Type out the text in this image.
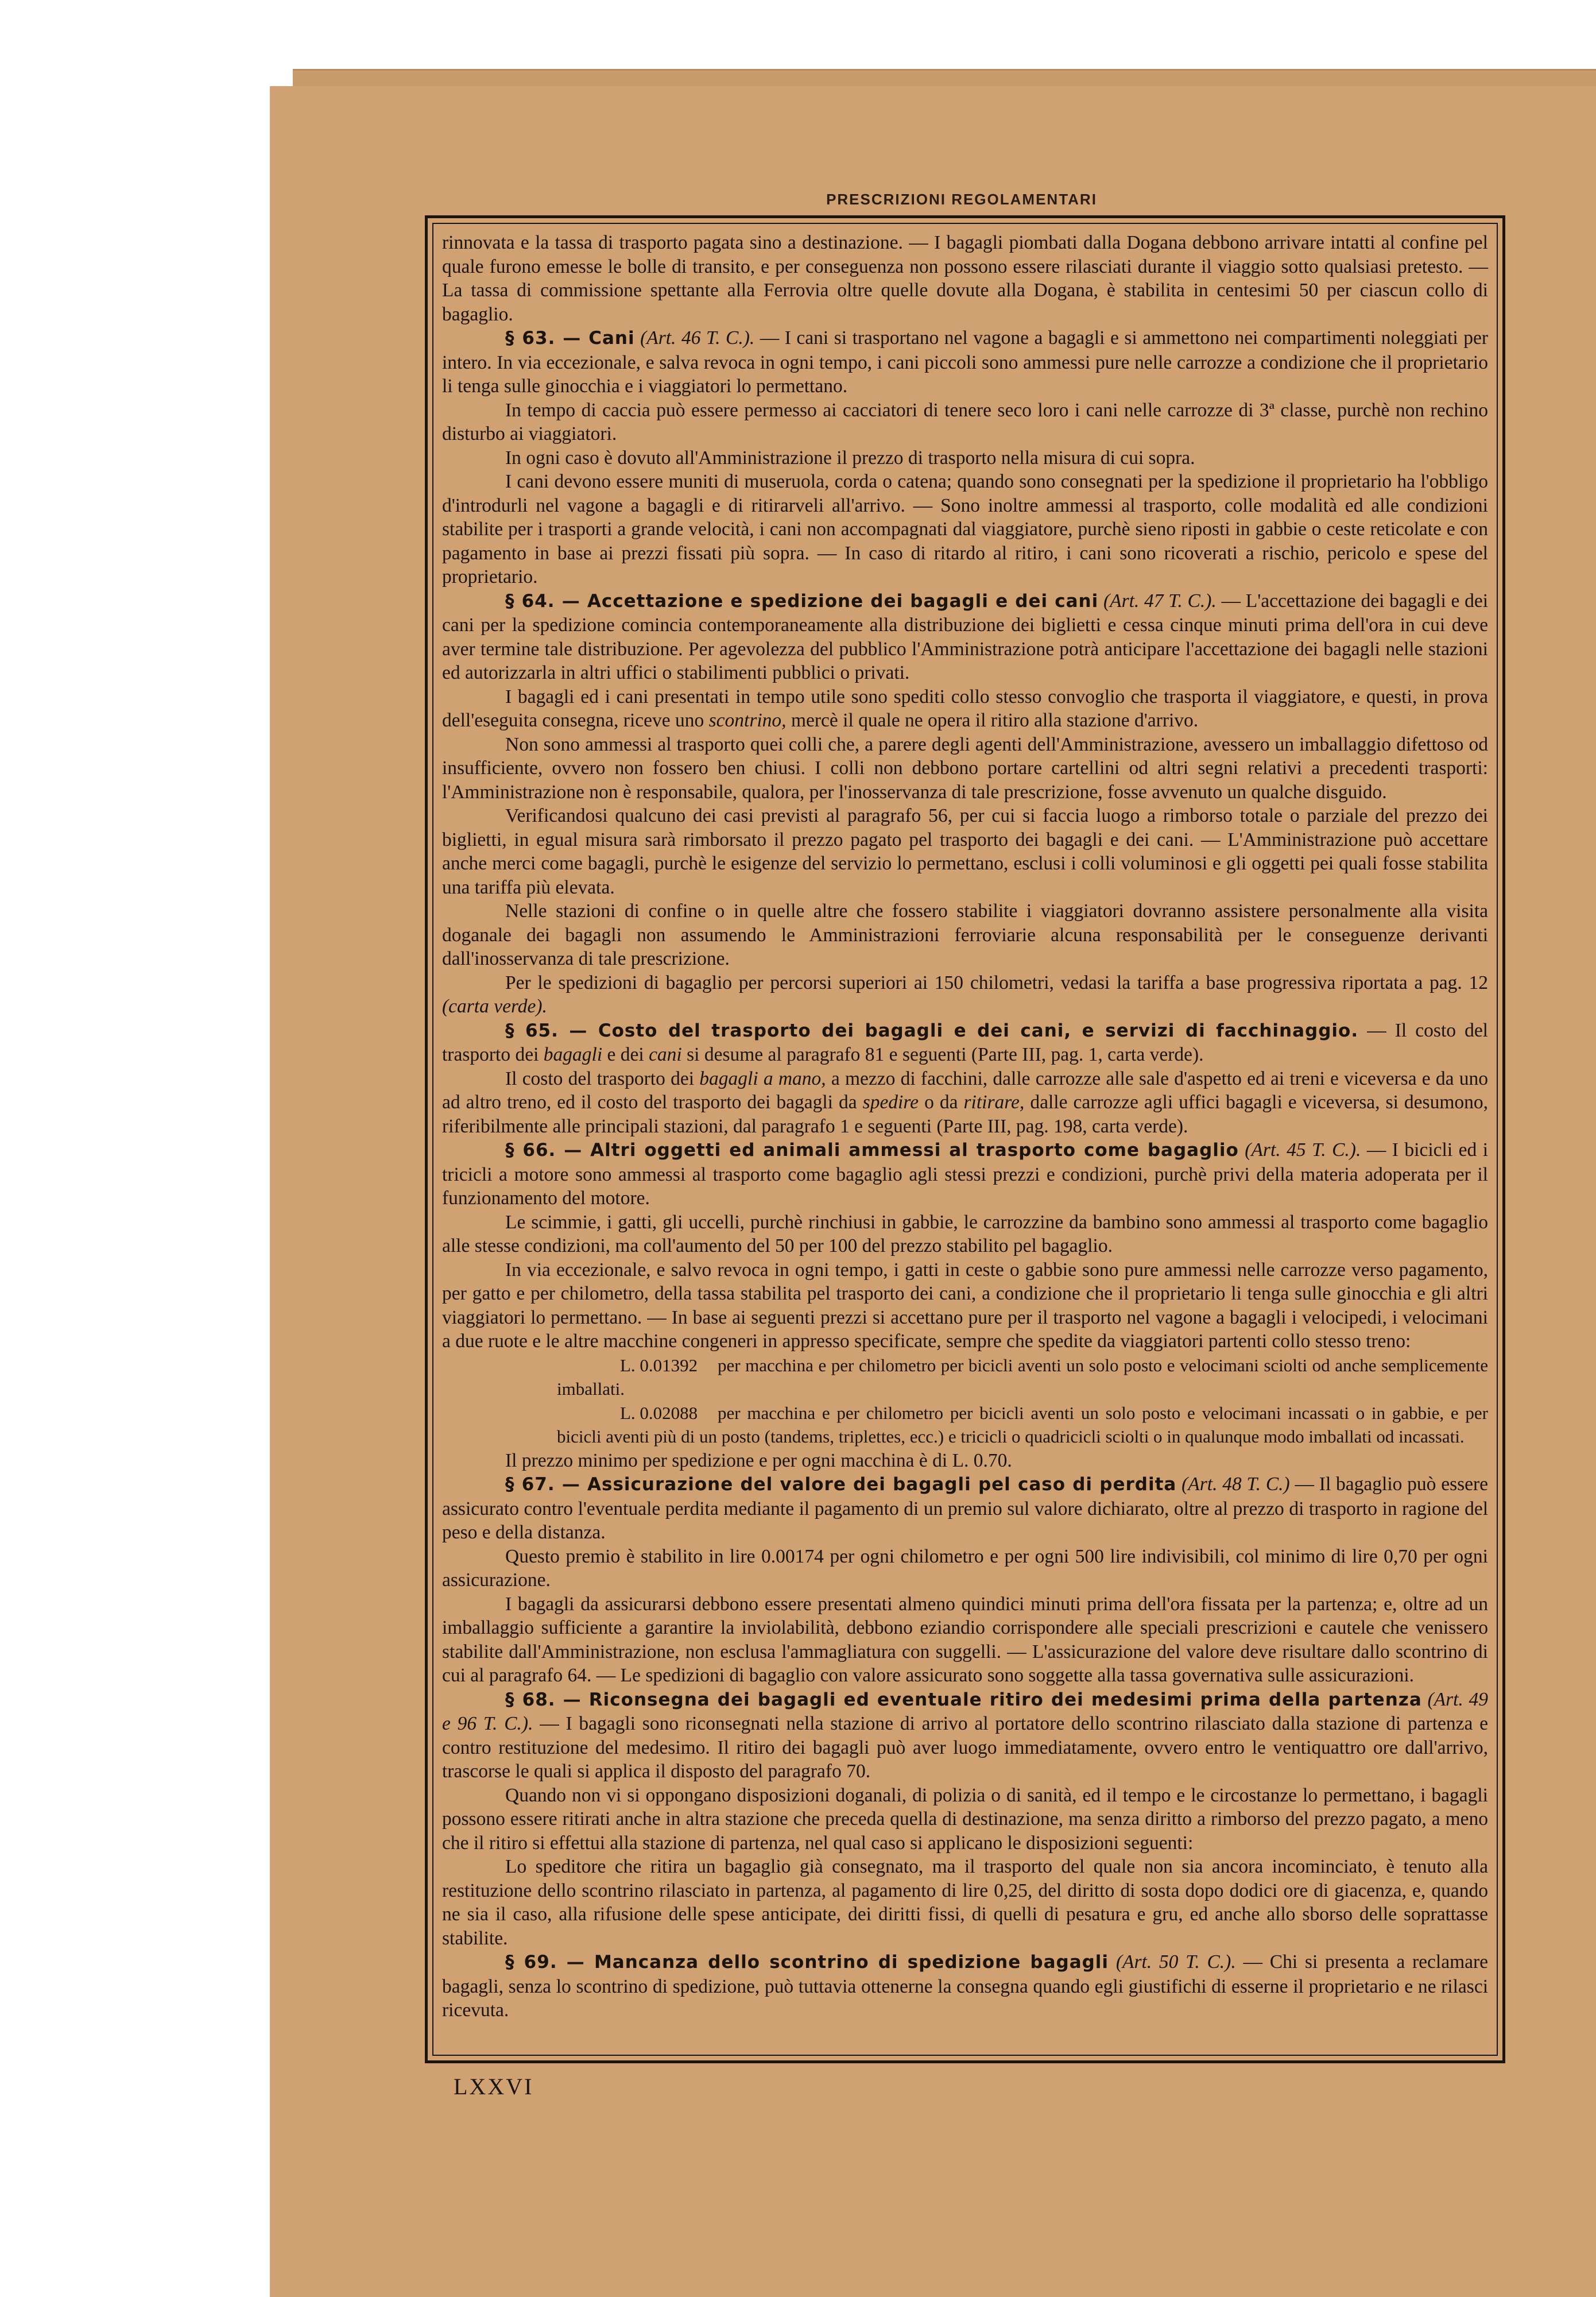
PRESCRIZIONI REGOLAMENTARI

rinnovata e la tassa di trasporto pagata sino a destinazione. — I bagagli piombati dalla Dogana debbono arrivare intatti al confine pel quale furono emesse le bolle di transito, e per conseguenza non possono essere rilasciati durante il viaggio sotto qualsiasi pretesto. — La tassa di commissione spettante alla Ferrovia oltre quelle dovute alla Dogana, è stabilita in centesimi 50 per ciascun collo di bagaglio.

§ 63. — Cani (Art. 46 T. C.). — I cani si trasportano nel vagone a bagagli e si ammettono nei compartimenti noleggiati per intero. In via eccezionale, e salva revoca in ogni tempo, i cani piccoli sono ammessi pure nelle carrozze a condizione che il proprietario li tenga sulle ginocchia e i viaggiatori lo permettano.

In tempo di caccia può essere permesso ai cacciatori di tenere seco loro i cani nelle carrozze di 3ª classe, purchè non rechino disturbo ai viaggiatori.

In ogni caso è dovuto all'Amministrazione il prezzo di trasporto nella misura di cui sopra.

I cani devono essere muniti di museruola, corda o catena; quando sono consegnati per la spedizione il proprietario ha l'obbligo d'introdurli nel vagone a bagagli e di ritirarveli all'arrivo. — Sono inoltre ammessi al trasporto, colle modalità ed alle condizioni stabilite per i trasporti a grande velocità, i cani non accompagnati dal viaggiatore, purchè sieno riposti in gabbie o ceste reticolate e con pagamento in base ai prezzi fissati più sopra. — In caso di ritardo al ritiro, i cani sono ricoverati a rischio, pericolo e spese del proprietario.

§ 64. — Accettazione e spedizione dei bagagli e dei cani (Art. 47 T. C.). — L'accettazione dei bagagli e dei cani per la spedizione comincia contemporaneamente alla distribuzione dei biglietti e cessa cinque minuti prima dell'ora in cui deve aver termine tale distribuzione. Per agevolezza del pubblico l'Amministrazione potrà anticipare l'accettazione dei bagagli nelle stazioni ed autorizzarla in altri uffici o stabilimenti pubblici o privati.

I bagagli ed i cani presentati in tempo utile sono spediti collo stesso convoglio che trasporta il viaggiatore, e questi, in prova dell'eseguita consegna, riceve uno scontrino, mercè il quale ne opera il ritiro alla stazione d'arrivo.

Non sono ammessi al trasporto quei colli che, a parere degli agenti dell'Amministrazione, avessero un imballaggio difettoso od insufficiente, ovvero non fossero ben chiusi. I colli non debbono portare cartellini od altri segni relativi a precedenti trasporti: l'Amministrazione non è responsabile, qualora, per l'inosservanza di tale prescrizione, fosse avvenuto un qualche disguido.

Verificandosi qualcuno dei casi previsti al paragrafo 56, per cui si faccia luogo a rimborso totale o parziale del prezzo dei biglietti, in egual misura sarà rimborsato il prezzo pagato pel trasporto dei bagagli e dei cani. — L'Amministrazione può accettare anche merci come bagagli, purchè le esigenze del servizio lo permettano, esclusi i colli voluminosi e gli oggetti pei quali fosse stabilita una tariffa più elevata.

Nelle stazioni di confine o in quelle altre che fossero stabilite i viaggiatori dovranno assistere personalmente alla visita doganale dei bagagli non assumendo le Amministrazioni ferroviarie alcuna responsabilità per le conseguenze derivanti dall'inosservanza di tale prescrizione.

Per le spedizioni di bagaglio per percorsi superiori ai 150 chilometri, vedasi la tariffa a base progressiva riportata a pag. 12 (carta verde).

§ 65. — Costo del trasporto dei bagagli e dei cani, e servizi di facchinaggio. — Il costo del trasporto dei bagagli e dei cani si desume al paragrafo 81 e seguenti (Parte III, pag. 1, carta verde).

Il costo del trasporto dei bagagli a mano, a mezzo di facchini, dalle carrozze alle sale d'aspetto ed ai treni e viceversa e da uno ad altro treno, ed il costo del trasporto dei bagagli da spedire o da ritirare, dalle carrozze agli uffici bagagli e viceversa, si desumono, riferibilmente alle principali stazioni, dal paragrafo 1 e seguenti (Parte III, pag. 198, carta verde).

§ 66. — Altri oggetti ed animali ammessi al trasporto come bagaglio (Art. 45 T. C.). — I bicicli ed i tricicli a motore sono ammessi al trasporto come bagaglio agli stessi prezzi e condizioni, purchè privi della materia adoperata per il funzionamento del motore.

Le scimmie, i gatti, gli uccelli, purchè rinchiusi in gabbie, le carrozzine da bambino sono ammessi al trasporto come bagaglio alle stesse condizioni, ma coll'aumento del 50 per 100 del prezzo stabilito pel bagaglio.

In via eccezionale, e salvo revoca in ogni tempo, i gatti in ceste o gabbie sono pure ammessi nelle carrozze verso pagamento, per gatto e per chilometro, della tassa stabilita pel trasporto dei cani, a condizione che il proprietario li tenga sulle ginocchia e gli altri viaggiatori lo permettano. — In base ai seguenti prezzi si accettano pure per il trasporto nel vagone a bagagli i velocipedi, i velocimani a due ruote e le altre macchine congeneri in appresso specificate, sempre che spedite da viaggiatori partenti collo stesso treno:

L. 0.01392 per macchina e per chilometro per bicicli aventi un solo posto e velocimani sciolti od anche semplicemente imballati.

L. 0.02088 per macchina e per chilometro per bicicli aventi un solo posto e velocimani incassati o in gabbie, e per bicicli aventi più di un posto (tandems, triplettes, ecc.) e tricicli o quadricicli sciolti o in qualunque modo imballati od incassati.

Il prezzo minimo per spedizione e per ogni macchina è di L. 0.70.

§ 67. — Assicurazione del valore dei bagagli pel caso di perdita (Art. 48 T. C.) — Il bagaglio può essere assicurato contro l'eventuale perdita mediante il pagamento di un premio sul valore dichiarato, oltre al prezzo di trasporto in ragione del peso e della distanza.

Questo premio è stabilito in lire 0.00174 per ogni chilometro e per ogni 500 lire indivisibili, col minimo di lire 0,70 per ogni assicurazione.

I bagagli da assicurarsi debbono essere presentati almeno quindici minuti prima dell'ora fissata per la partenza; e, oltre ad un imballaggio sufficiente a garantire la inviolabilità, debbono eziandio corrispondere alle speciali prescrizioni e cautele che venissero stabilite dall'Amministrazione, non esclusa l'ammagliatura con suggelli. — L'assicurazione del valore deve risultare dallo scontrino di cui al paragrafo 64. — Le spedizioni di bagaglio con valore assicurato sono soggette alla tassa governativa sulle assicurazioni.

§ 68. — Riconsegna dei bagagli ed eventuale ritiro dei medesimi prima della partenza (Art. 49 e 96 T. C.). — I bagagli sono riconsegnati nella stazione di arrivo al portatore dello scontrino rilasciato dalla stazione di partenza e contro restituzione del medesimo. Il ritiro dei bagagli può aver luogo immediatamente, ovvero entro le ventiquattro ore dall'arrivo, trascorse le quali si applica il disposto del paragrafo 70.

Quando non vi si oppongano disposizioni doganali, di polizia o di sanità, ed il tempo e le circostanze lo permettano, i bagagli possono essere ritirati anche in altra stazione che preceda quella di destinazione, ma senza diritto a rimborso del prezzo pagato, a meno che il ritiro si effettui alla stazione di partenza, nel qual caso si applicano le disposizioni seguenti:

Lo speditore che ritira un bagaglio già consegnato, ma il trasporto del quale non sia ancora incominciato, è tenuto alla restituzione dello scontrino rilasciato in partenza, al pagamento di lire 0,25, del diritto di sosta dopo dodici ore di giacenza, e, quando ne sia il caso, alla rifusione delle spese anticipate, dei diritti fissi, di quelli di pesatura e gru, ed anche allo sborso delle soprattasse stabilite.

§ 69. — Mancanza dello scontrino di spedizione bagagli (Art. 50 T. C.). — Chi si presenta a reclamare bagagli, senza lo scontrino di spedizione, può tuttavia ottenerne la consegna quando egli giustifichi di esserne il proprietario e ne rilasci ricevuta.

LXXVI
